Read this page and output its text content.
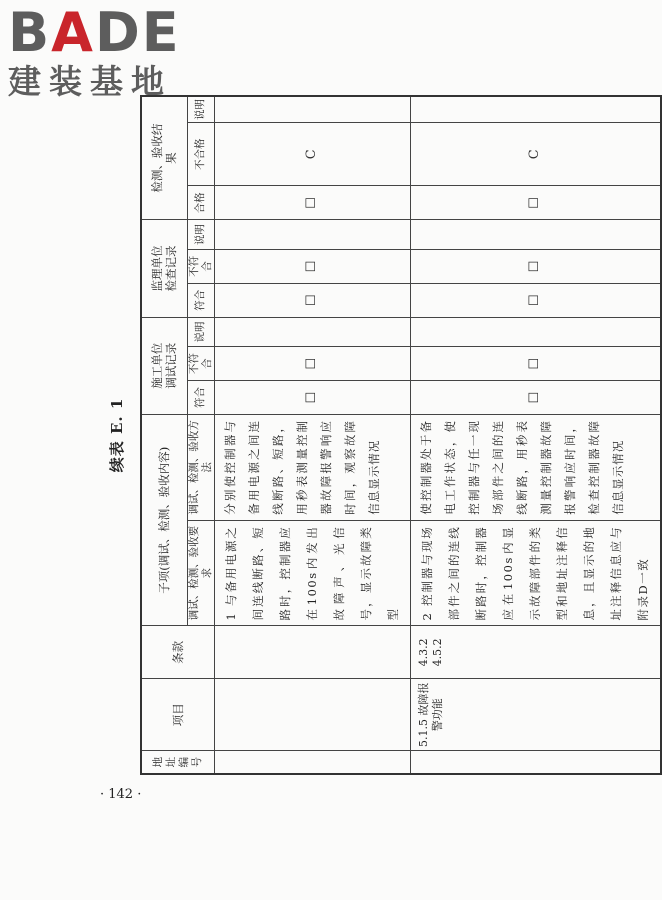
BADE
建装基地
续表 E. 1
地址编号	项目	条款	子项(调试、检测、验收内容)		施工单位调试记录			监理单位检查记录			检测、验收结果		
			调试、检测、验收要求	调试、检测、验收方法	符合	不符合	说明	符合	不符合	说明	合格	不合格	说明
			1 与备用电源之间连线断路、短路时，控制器应在100s内发出故障声、光信号，显示故障类型	分别使控制器与备用电源之间连线断路、短路，用秒表测量控制器故障报警响应时间，观察故障信息显示情况	☐	☐		☐	☐		☐	C	
	5.1.5 故障报警功能	4.3.2 4.5.2	2 控制器与现场部件之间的连线断路时，控制器应在100s内显示故障部件的类型和地址注释信息，且显示的地址注释信息应与附录D一致	使控制器处于备电工作状态，使控制器与任一现场部件之间的连线断路，用秒表测量控制器故障报警响应时间，检查控制器故障信息显示情况	☐	☐		☐	☐		☐	C	
· 142 ·
